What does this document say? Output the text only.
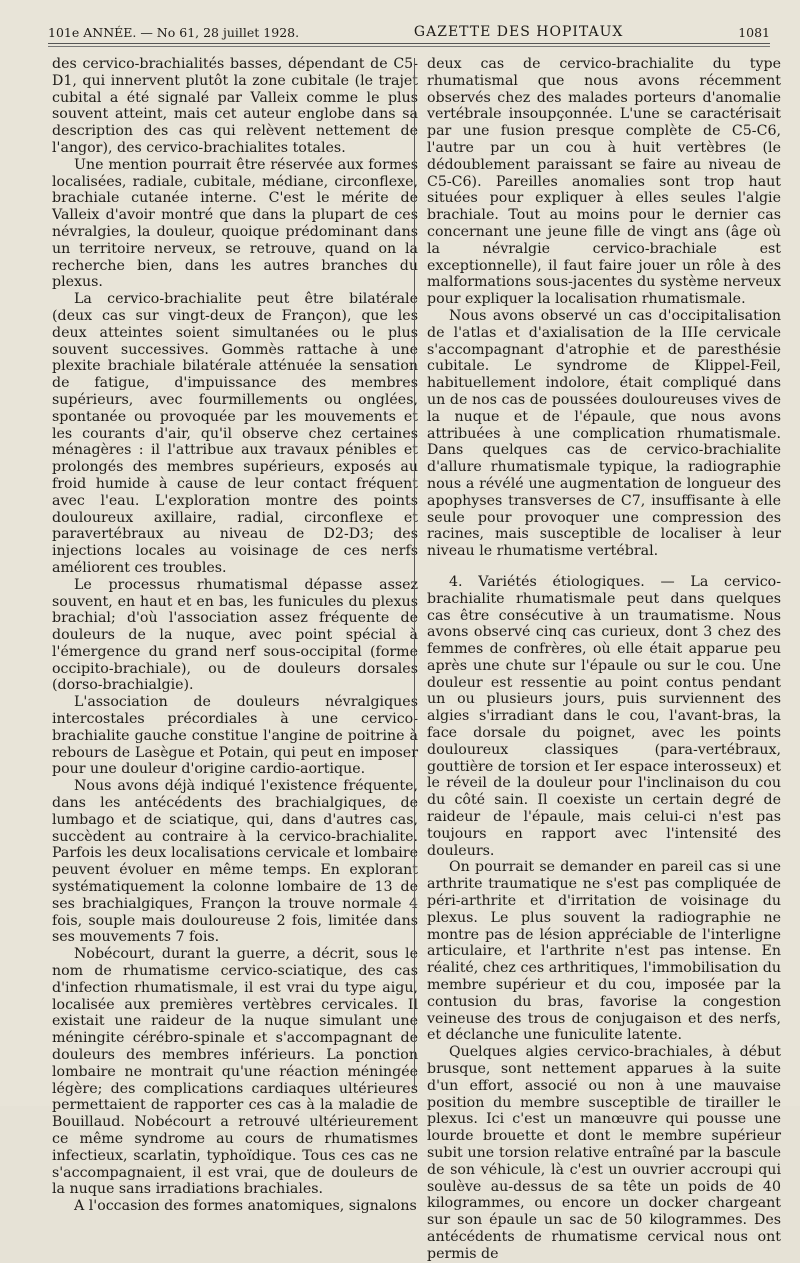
101e ANNÉE. — No 61, 28 juillet 1928.	GAZETTE DES HOPITAUX	1081

des cervico-brachialités basses, dépendant de C5-D1, qui innervent plutôt la zone cubitale (le trajet cubital a été signalé par Valleix comme le plus souvent atteint, mais cet auteur englobe dans sa description des cas qui relèvent nettement de l'angor), des cervico-brachialites totales.

Une mention pourrait être réservée aux formes localisées, radiale, cubitale, médiane, circonflexe, brachiale cutanée interne. C'est le mérite de Valleix d'avoir montré que dans la plupart de ces névralgies, la douleur, quoique prédominant dans un territoire nerveux, se retrouve, quand on la recherche bien, dans les autres branches du plexus.

La cervico-brachialite peut être bilatérale (deux cas sur vingt-deux de Françon), que les deux atteintes soient simultanées ou le plus souvent successives. Gommès rattache à une plexite brachiale bilatérale atténuée la sensation de fatigue, d'impuissance des membres supérieurs, avec fourmillements ou onglées, spontanée ou provoquée par les mouvements et les courants d'air, qu'il observe chez certaines ménagères : il l'attribue aux travaux pénibles et prolongés des membres supérieurs, exposés au froid humide à cause de leur contact fréquent avec l'eau. L'exploration montre des points douloureux axillaire, radial, circonflexe et paravertébraux au niveau de D2-D3; des injections locales au voisinage de ces nerfs améliorent ces troubles.

Le processus rhumatismal dépasse assez souvent, en haut et en bas, les funicules du plexus brachial; d'où l'association assez fréquente de douleurs de la nuque, avec point spécial à l'émergence du grand nerf sous-occipital (forme occipito-brachiale), ou de douleurs dorsales (dorso-brachialgie).

L'association de douleurs névralgiques intercostales précordiales à une cervico-brachialite gauche constitue l'angine de poitrine à rebours de Lasègue et Potain, qui peut en imposer pour une douleur d'origine cardio-aortique.

Nous avons déjà indiqué l'existence fréquente, dans les antécédents des brachialgiques, de lumbago et de sciatique, qui, dans d'autres cas, succèdent au contraire à la cervico-brachialite. Parfois les deux localisations cervicale et lombaire peuvent évoluer en même temps. En explorant systématiquement la colonne lombaire de 13 de ses brachialgiques, Françon la trouve normale 4 fois, souple mais douloureuse 2 fois, limitée dans ses mouvements 7 fois.

Nobécourt, durant la guerre, a décrit, sous le nom de rhumatisme cervico-sciatique, des cas d'infection rhumatismale, il est vrai du type aigu, localisée aux premières vertèbres cervicales. Il existait une raideur de la nuque simulant une méningite cérébro-spinale et s'accompagnant de douleurs des membres inférieurs. La ponction lombaire ne montrait qu'une réaction méningée légère; des complications cardiaques ultérieures permettaient de rapporter ces cas à la maladie de Bouillaud. Nobécourt a retrouvé ultérieurement ce même syndrome au cours de rhumatismes infectieux, scarlatin, typhoïdique. Tous ces cas ne s'accompagnaient, il est vrai, que de douleurs de la nuque sans irradiations brachiales.

A l'occasion des formes anatomiques, signalons

deux cas de cervico-brachialite du type rhumatismal que nous avons récemment observés chez des malades porteurs d'anomalie vertébrale insoupçonnée. L'une se caractérisait par une fusion presque complète de C5-C6, l'autre par un cou à huit vertèbres (le dédoublement paraissant se faire au niveau de C5-C6). Pareilles anomalies sont trop haut situées pour expliquer à elles seules l'algie brachiale. Tout au moins pour le dernier cas concernant une jeune fille de vingt ans (âge où la névralgie cervico-brachiale est exceptionnelle), il faut faire jouer un rôle à des malformations sous-jacentes du système nerveux pour expliquer la localisation rhumatismale.

Nous avons observé un cas d'occipitalisation de l'atlas et d'axialisation de la IIIe cervicale s'accompagnant d'atrophie et de paresthésie cubitale. Le syndrome de Klippel-Feil, habituellement indolore, était compliqué dans un de nos cas de poussées douloureuses vives de la nuque et de l'épaule, que nous avons attribuées à une complication rhumatismale. Dans quelques cas de cervico-brachialite d'allure rhumatismale typique, la radiographie nous a révélé une augmentation de longueur des apophyses transverses de C7, insuffisante à elle seule pour provoquer une compression des racines, mais susceptible de localiser à leur niveau le rhumatisme vertébral.

4. Variétés étiologiques. — La cervico-brachialite rhumatismale peut dans quelques cas être consécutive à un traumatisme. Nous avons observé cinq cas curieux, dont 3 chez des femmes de confrères, où elle était apparue peu après une chute sur l'épaule ou sur le cou. Une douleur est ressentie au point contus pendant un ou plusieurs jours, puis surviennent des algies s'irradiant dans le cou, l'avant-bras, la face dorsale du poignet, avec les points douloureux classiques (para-vertébraux, gouttière de torsion et Ier espace interosseux) et le réveil de la douleur pour l'inclinaison du cou du côté sain. Il coexiste un certain degré de raideur de l'épaule, mais celui-ci n'est pas toujours en rapport avec l'intensité des douleurs.

On pourrait se demander en pareil cas si une arthrite traumatique ne s'est pas compliquée de péri-arthrite et d'irritation de voisinage du plexus. Le plus souvent la radiographie ne montre pas de lésion appréciable de l'interligne articulaire, et l'arthrite n'est pas intense. En réalité, chez ces arthritiques, l'immobilisation du membre supérieur et du cou, imposée par la contusion du bras, favorise la congestion veineuse des trous de conjugaison et des nerfs, et déclanche une funiculite latente.

Quelques algies cervico-brachiales, à début brusque, sont nettement apparues à la suite d'un effort, associé ou non à une mauvaise position du membre susceptible de tirailler le plexus. Ici c'est un manœuvre qui pousse une lourde brouette et dont le membre supérieur subit une torsion relative entraîné par la bascule de son véhicule, là c'est un ouvrier accroupi qui soulève au-dessus de sa tête un poids de 40 kilogrammes, ou encore un docker chargeant sur son épaule un sac de 50 kilogrammes. Des antécédents de rhumatisme cervical nous ont permis de
